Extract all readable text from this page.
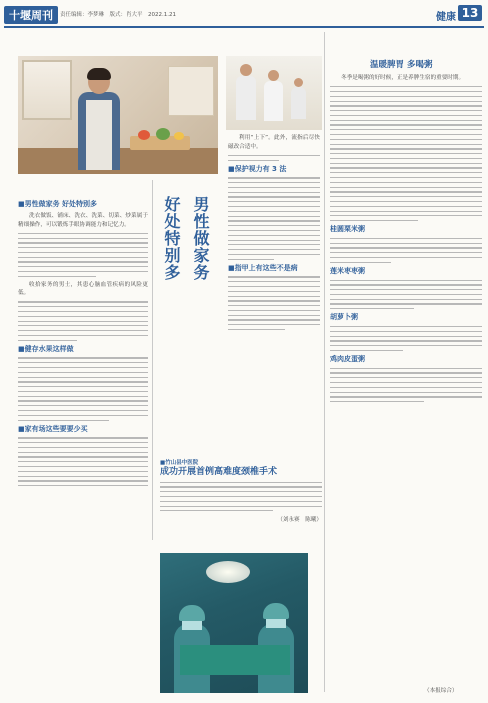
十堰周刊	责任编辑：李梦琳　版式：肖大平　2022.1.21	健康 13
男性做家务
好处特别多
■男性做家务 好处特别多

洗衣做饭、铺床、洗衣、洗菜、切菜、炒菜属于精细操作，可以锻炼手眼协调能力和记忆力。

收拾家务的男士，其患心脑血管疾病的风险更低。

■健存水果这样做
■家有场这些要要少买

利用“上下”。此外，流指后尽快磁改合适中。

■保护视力有 3 法
■指甲上有这些不是病
■竹山县中医院
成功开展首例高难度颈椎手术
（刘永赛　陈曦）
温暖脾胃 多喝粥

冬季是喝粥的好时候，正是养脾生宿的重要时期。

桂圆栗米粥
莲米枣枣粥
胡萝卜粥
鸡肉皮蛋粥
（本报综合）
